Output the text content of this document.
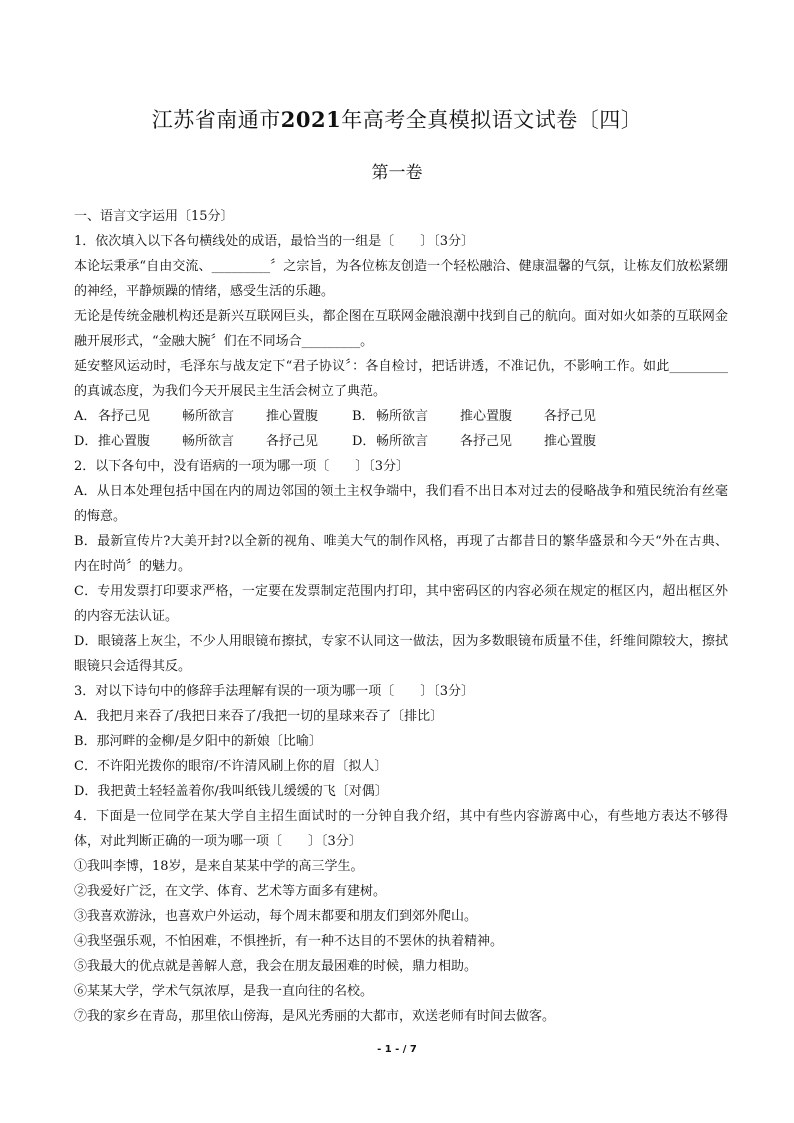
江苏省南通市2021年高考全真模拟语文试卷〔四〕
第一卷

一、语言文字运用〔15分〕

1．依次填入以下各句横线处的成语，最恰当的一组是〔　　〕〔3分〕

本论坛秉承“自由交流、_________〞之宗旨，为各位栋友创造一个轻松融洽、健康温馨的气氛，让栋友们放松紧绷的神经，平静烦躁的情绪，感受生活的乐趣。

无论是传统金融机构还是新兴互联网巨头，都企图在互联网金融浪潮中找到自己的航向。面对如火如荼的互联网金融开展形式，“金融大腕〞们在不同场合_________。

延安整风运动时，毛泽东与战友定下“君子协议〞：各自检讨，把话讲透，不准记仇，不影响工作。如此_________的真诚态度，为我们今天开展民主生活会树立了典范。

A． 各抒己见	畅所欲言	推心置腹	B． 畅所欲言	推心置腹	各抒己见
D． 推心置腹	畅所欲言	各抒己见	D． 畅所欲言	各抒己见	推心置腹

2．以下各句中，没有语病的一项为哪一项〔　　〕〔3分〕

A．从日本处理包括中国在内的周边邻国的领土主权争端中，我们看不出日本对过去的侵略战争和殖民统治有丝毫的悔意。

B．最新宣传片?大美开封?以全新的视角、唯美大气的制作风格，再现了古都昔日的繁华盛景和今天“外在古典、内在时尚〞的魅力。

C．专用发票打印要求严格，一定要在发票制定范围内打印，其中密码区的内容必须在规定的框区内，超出框区外的内容无法认证。

D．眼镜落上灰尘，不少人用眼镜布擦拭，专家不认同这一做法，因为多数眼镜布质量不佳，纤维间隙较大，擦拭眼镜只会适得其反。

3．对以下诗句中的修辞手法理解有误的一项为哪一项〔　　〕〔3分〕

A．我把月来吞了/我把日来吞了/我把一切的星球来吞了〔排比〕

B．那河畔的金柳/是夕阳中的新娘〔比喻〕

C．不许阳光拨你的眼帘/不许清风刷上你的眉〔拟人〕

D．我把黄土轻轻盖着你/我叫纸钱儿缓缓的飞〔对偶〕

4．下面是一位同学在某大学自主招生面试时的一分钟自我介绍，其中有些内容游离中心，有些地方表达不够得体，对此判断正确的一项为哪一项〔　　〕〔3分〕

①我叫李博，18岁，是来自某某中学的高三学生。

②我爱好广泛，在文学、体育、艺术等方面多有建树。

③我喜欢游泳，也喜欢户外运动，每个周末都要和朋友们到郊外爬山。

④我坚强乐观，不怕困难，不惧挫折，有一种不达目的不罢休的执着精神。

⑤我最大的优点就是善解人意，我会在朋友最困难的时候，鼎力相助。

⑥某某大学，学术气氛浓厚，是我一直向往的名校。

⑦我的家乡在青岛，那里依山傍海，是风光秀丽的大都市，欢送老师有时间去做客。

- 1 - / 7
